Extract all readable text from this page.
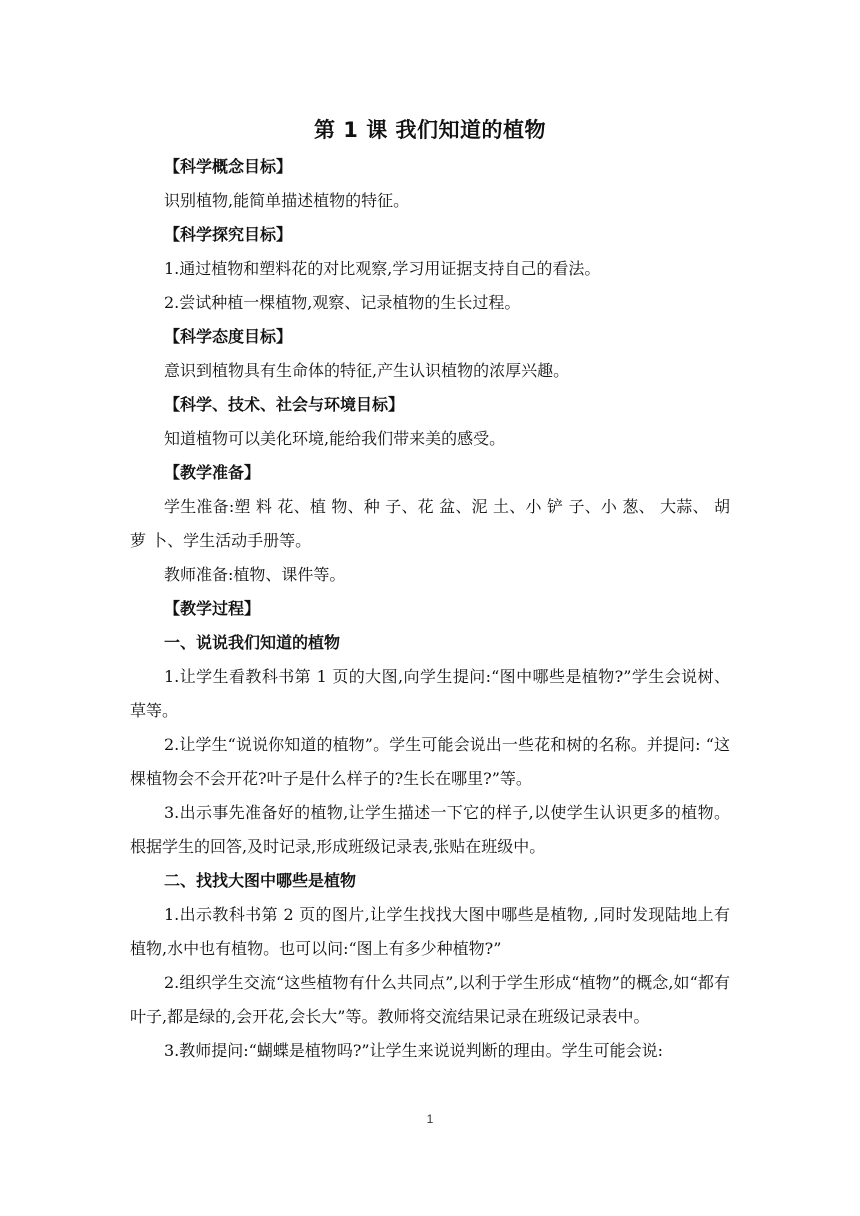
第 1 课 我们知道的植物
【科学概念目标】
识别植物,能简单描述植物的特征。
【科学探究目标】
1.通过植物和塑料花的对比观察,学习用证据支持自己的看法。
2.尝试种植一棵植物,观察、记录植物的生长过程。
【科学态度目标】
意识到植物具有生命体的特征,产生认识植物的浓厚兴趣。
【科学、技术、社会与环境目标】
知道植物可以美化环境,能给我们带来美的感受。
【教学准备】
学生准备:塑 料 花、植 物、种 子、花 盆、泥 土、小 铲 子、小 葱、 大蒜、 胡 萝 卜、学生活动手册等。
教师准备:植物、课件等。
【教学过程】
一、说说我们知道的植物
1.让学生看教科书第 1 页的大图,向学生提问:“图中哪些是植物?”学生会说树、草等。
2.让学生“说说你知道的植物”。学生可能会说出一些花和树的名称。并提问: “这棵植物会不会开花?叶子是什么样子的?生长在哪里?”等。
3.出示事先准备好的植物,让学生描述一下它的样子,以使学生认识更多的植物。根据学生的回答,及时记录,形成班级记录表,张贴在班级中。
二、找找大图中哪些是植物
1.出示教科书第 2 页的图片,让学生找找大图中哪些是植物, ,同时发现陆地上有植物,水中也有植物。也可以问:“图上有多少种植物?”
2.组织学生交流“这些植物有什么共同点”,以利于学生形成“植物”的概念,如“都有叶子,都是绿的,会开花,会长大”等。教师将交流结果记录在班级记录表中。
3.教师提问:“蝴蝶是植物吗?”让学生来说说判断的理由。学生可能会说:
1
